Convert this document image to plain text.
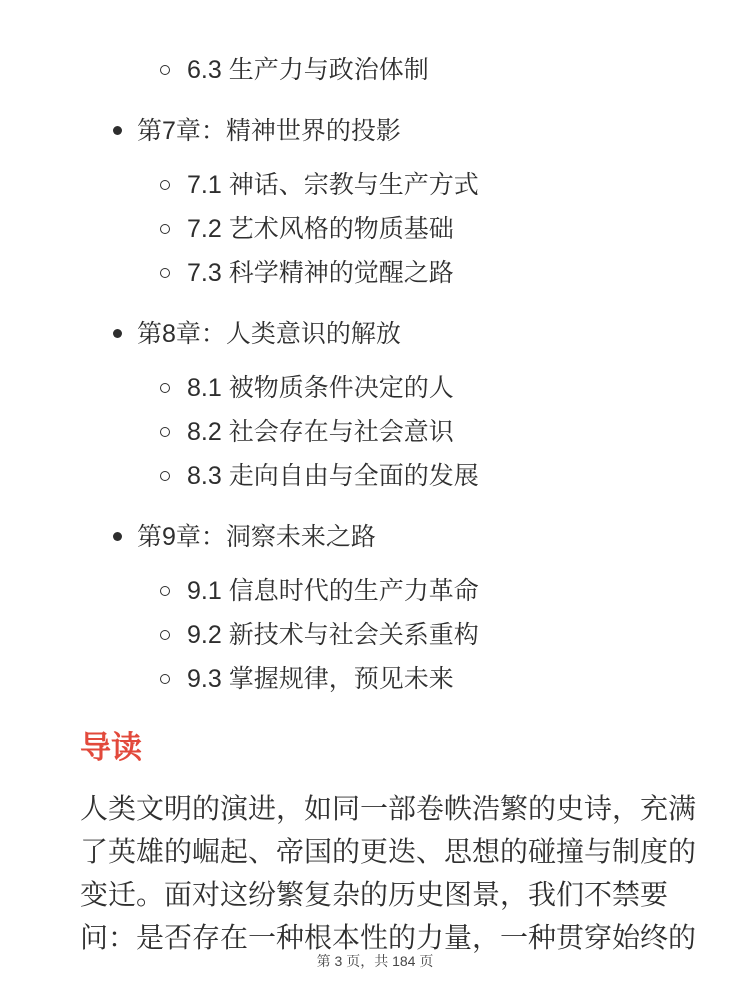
6.3 生产力与政治体制
第7章：精神世界的投影
7.1 神话、宗教与生产方式
7.2 艺术风格的物质基础
7.3 科学精神的觉醒之路
第8章：人类意识的解放
8.1 被物质条件决定的人
8.2 社会存在与社会意识
8.3 走向自由与全面的发展
第9章：洞察未来之路
9.1 信息时代的生产力革命
9.2 新技术与社会关系重构
9.3 掌握规律，预见未来
导读

人类文明的演进，如同一部卷帙浩繁的史诗，充满了英雄的崛起、帝国的更迭、思想的碰撞与制度的变迁。面对这纷繁复杂的历史图景，我们不禁要问：是否存在一种根本性的力量，一种贯穿始终的

第 3 页，共 184 页
